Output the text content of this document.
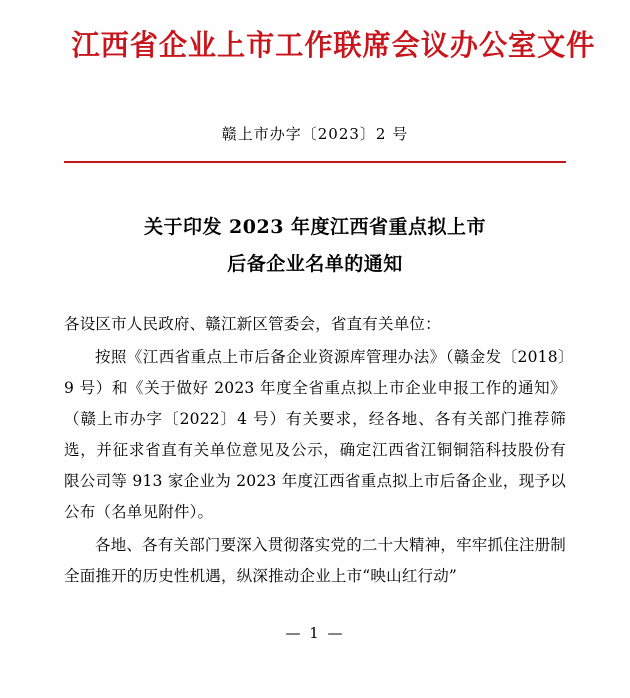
江西省企业上市工作联席会议办公室文件
赣上市办字〔2023〕2 号
关于印发 2023 年度江西省重点拟上市
后备企业名单的通知

各设区市人民政府、赣江新区管委会，省直有关单位：

按照《江西省重点上市后备企业资源库管理办法》（赣金发〔2018〕9 号）和《关于做好 2023 年度全省重点拟上市企业申报工作的通知》（赣上市办字〔2022〕4 号）有关要求，经各地、各有关部门推荐筛选，并征求省直有关单位意见及公示，确定江西省江铜铜箔科技股份有限公司等 913 家企业为 2023 年度江西省重点拟上市后备企业，现予以公布（名单见附件）。

各地、各有关部门要深入贯彻落实党的二十大精神，牢牢抓住注册制全面推开的历史性机遇，纵深推动企业上市“映山红行动”

— 1 —
